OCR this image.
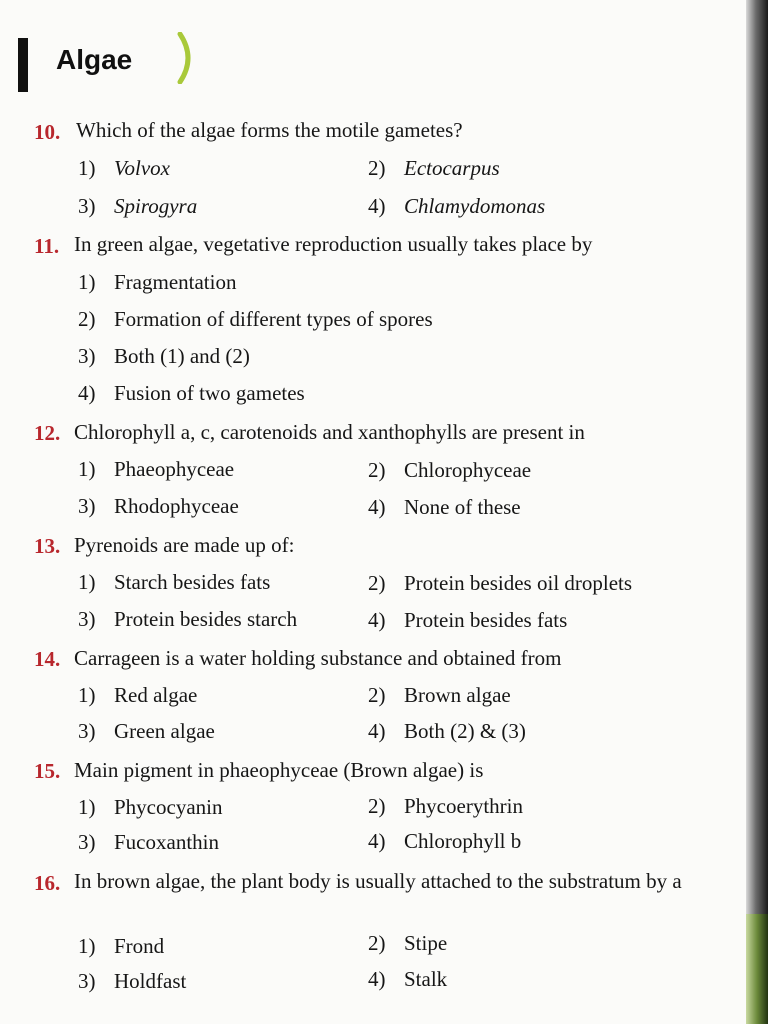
Algae
10. Which of the algae forms the motile gametes?
1) Volvox	2) Ectocarpus
3) Spirogyra	4) Chlamydomonas
11. In green algae, vegetative reproduction usually takes place by
1) Fragmentation
2) Formation of different types of spores
3) Both (1) and (2)
4) Fusion of two gametes
12. Chlorophyll a, c, carotenoids and xanthophylls are present in
1) Phaeophyceae	2) Chlorophyceae
3) Rhodophyceae	4) None of these
13. Pyrenoids are made up of:
1) Starch besides fats	2) Protein besides oil droplets
3) Protein besides starch	4) Protein besides fats
14. Carrageen is a water holding substance and obtained from
1) Red algae	2) Brown algae
3) Green algae	4) Both (2) & (3)
15. Main pigment in phaeophyceae (Brown algae) is
1) Phycocyanin	2) Phycoerythrin
3) Fucoxanthin	4) Chlorophyll b
16. In brown algae, the plant body is usually attached to the substratum by a
1) Frond	2) Stipe
3) Holdfast	4) Stalk
